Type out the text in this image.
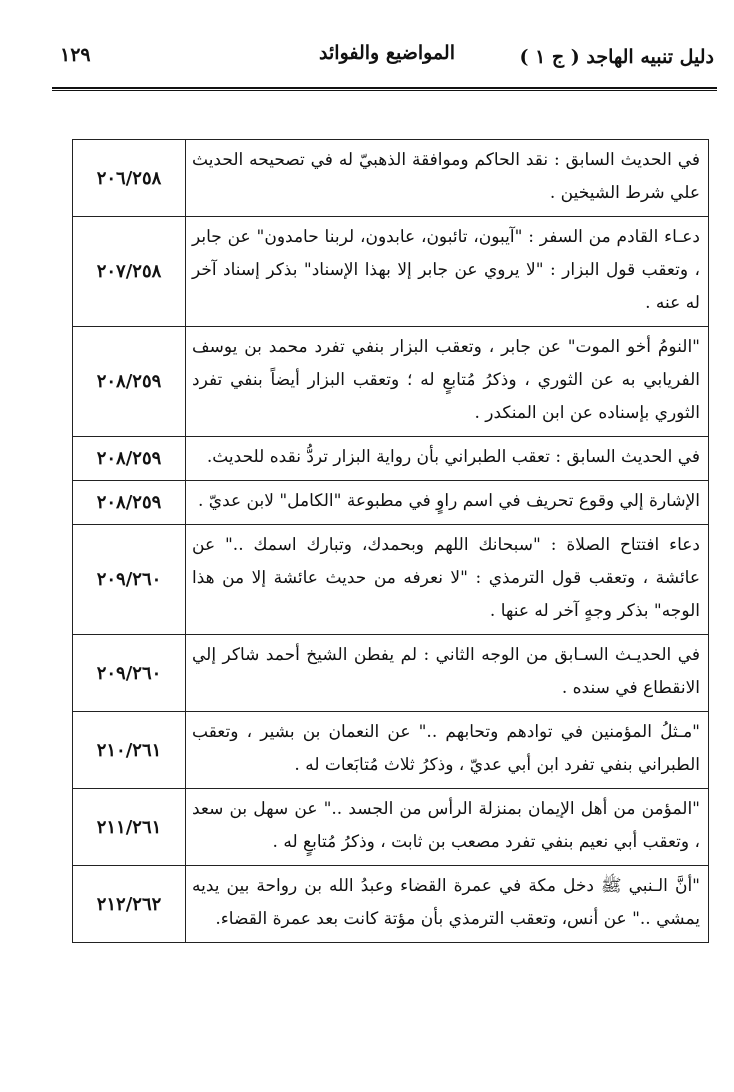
دليل تنبيه الهاجد ( ج ١ )
المواضيع والفوائد
١٢٩
في الحديث السابق : نقد الحاكم وموافقة الذهبيّ له في تصحيحه الحديث علي شرط الشيخين .	٢٠٦/٢٥٨
دعـاء القادم من السفر : "آيبون، تائبون، عابدون، لربنا حامدون" عن جابر ، وتعقب قول البزار : "لا يروي عن جابر إلا بهذا الإسناد" بذكر إسناد آخر له عنه .	٢٠٧/٢٥٨
"النومُ أخو الموت" عن جابر ، وتعقب البزار بنفي تفرد محمد بن يوسف الفريابي به عن الثوري ، وذكرُ مُتابعٍ له ؛ وتعقب البزار أيضاً بنفي تفرد الثوري بإسناده عن ابن المنكدر .	٢٠٨/٢٥٩
في الحديث السابق : تعقب الطبراني بأن رواية البزار تردُّ نقده للحديث.	٢٠٨/٢٥٩
الإشارة إلي وقوع تحريف في اسم راوٍ في مطبوعة "الكامل" لابن عديّ .	٢٠٨/٢٥٩
دعاء افتتاح الصلاة : "سبحانك اللهم وبحمدك، وتبارك اسمك .." عن عائشة ، وتعقب قول الترمذي : "لا نعرفه من حديث عائشة إلا من هذا الوجه" بذكر وجهٍ آخر له عنها .	٢٠٩/٢٦٠
في الحديـث السـابق من الوجه الثاني : لم يفطن الشيخ أحمد شاكر إلي الانقطاع في سنده .	٢٠٩/٢٦٠
"مـثلُ المؤمنين في توادهم وتحابهم .." عن النعمان بن بشير ، وتعقب الطبراني بنفي تفرد ابن أبي عديّ ، وذكرُ ثلاث مُتابَعات له .	٢١٠/٢٦١
"المؤمن من أهل الإيمان بمنزلة الرأس من الجسد .." عن سهل بن سعد ، وتعقب أبي نعيم بنفي تفرد مصعب بن ثابت ، وذكرُ مُتابعٍ له .	٢١١/٢٦١
"أنَّ الـنبي ﷺ دخل مكة في عمرة القضاء وعبدُ الله بن رواحة بين يديه يمشي .." عن أنس، وتعقب الترمذي بأن مؤتة كانت بعد عمرة القضاء.	٢١٢/٢٦٢
